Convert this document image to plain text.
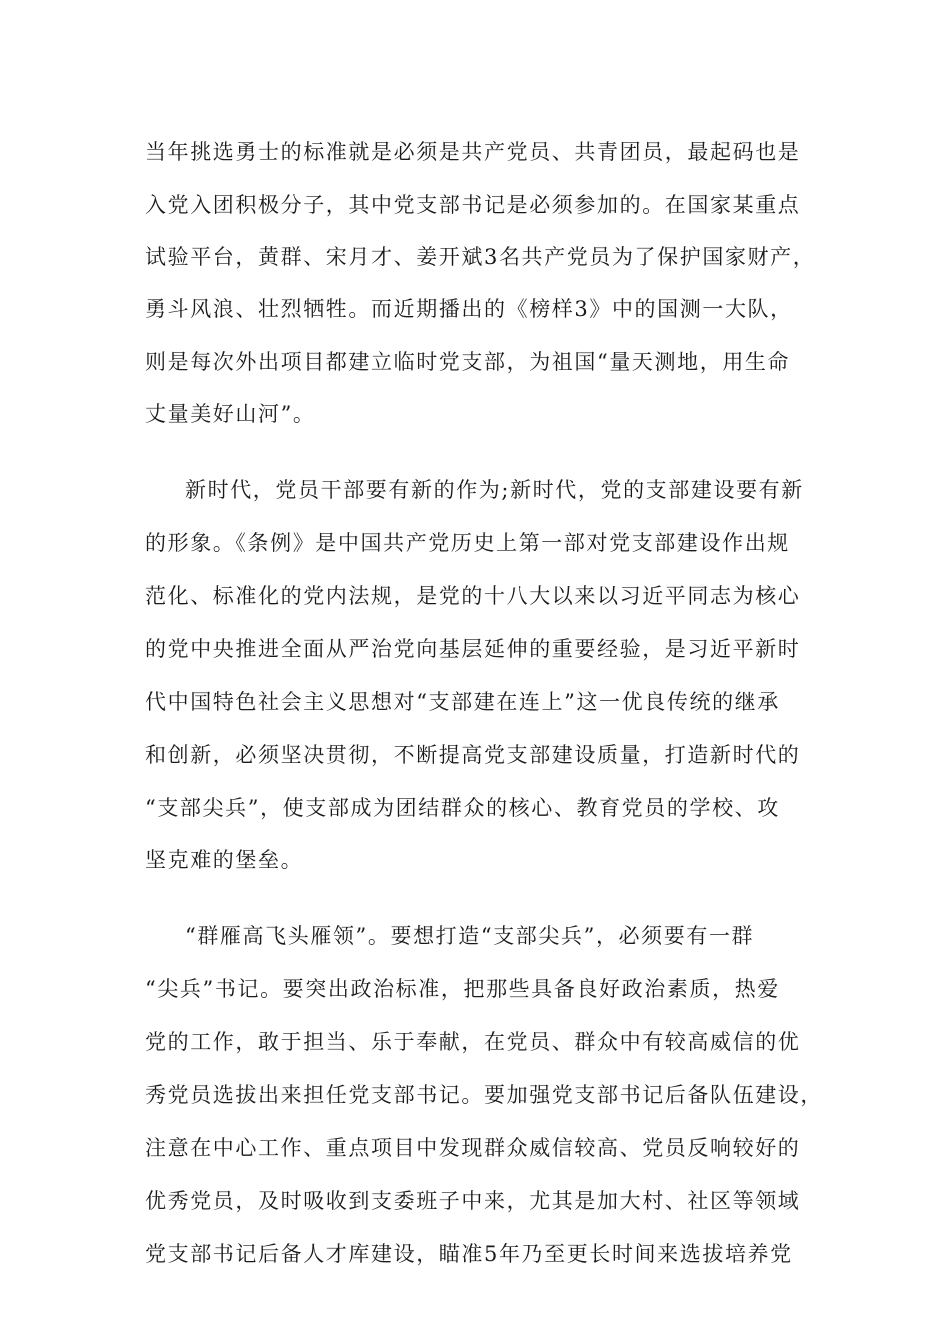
当年挑选勇士的标准就是必须是共产党员、共青团员，最起码也是
入党入团积极分子，其中党支部书记是必须参加的。在国家某重点
试验平台，黄群、宋月才、姜开斌3名共产党员为了保护国家财产，
勇斗风浪、壮烈牺牲。而近期播出的《榜样3》中的国测一大队，
则是每次外出项目都建立临时党支部，为祖国“量天测地，用生命
丈量美好山河”。
新时代，党员干部要有新的作为;新时代，党的支部建设要有新
的形象。《条例》是中国共产党历史上第一部对党支部建设作出规
范化、标准化的党内法规，是党的十八大以来以习近平同志为核心
的党中央推进全面从严治党向基层延伸的重要经验，是习近平新时
代中国特色社会主义思想对“支部建在连上”这一优良传统的继承
和创新，必须坚决贯彻，不断提高党支部建设质量，打造新时代的
“支部尖兵”，使支部成为团结群众的核心、教育党员的学校、攻
坚克难的堡垒。
“群雁高飞头雁领”。要想打造“支部尖兵”，必须要有一群
“尖兵”书记。要突出政治标准，把那些具备良好政治素质，热爱
党的工作，敢于担当、乐于奉献，在党员、群众中有较高威信的优
秀党员选拔出来担任党支部书记。要加强党支部书记后备队伍建设，
注意在中心工作、重点项目中发现群众威信较高、党员反响较好的
优秀党员，及时吸收到支委班子中来，尤其是加大村、社区等领域
党支部书记后备人才库建设，瞄准5年乃至更长时间来选拔培养党
